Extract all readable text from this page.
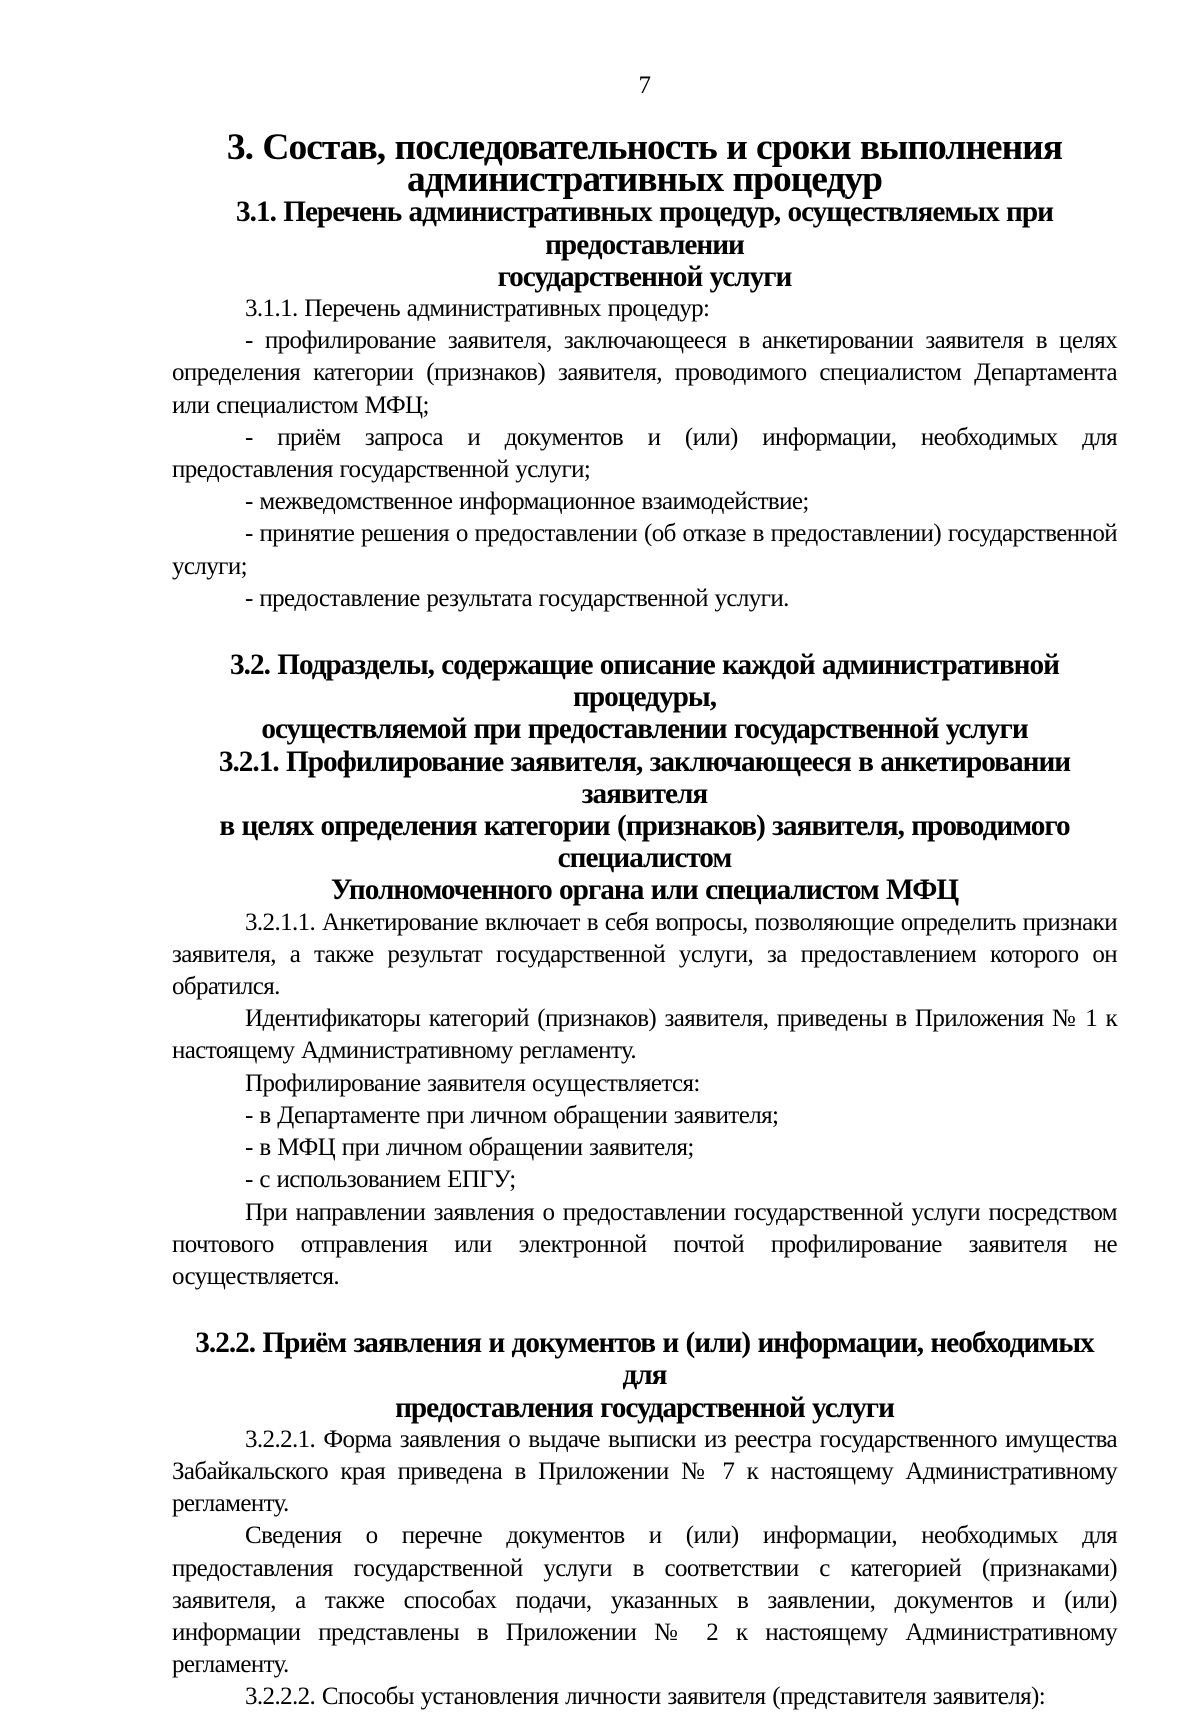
7

3. Состав, последовательность и сроки выполнения
административных процедур
3.1. Перечень административных процедур, осуществляемых при предоставлении
государственной услуги

3.1.1. Перечень административных процедур:

- профилирование заявителя, заключающееся в анкетировании заявителя в целях определения категории (признаков) заявителя, проводимого специалистом Департамента или специалистом МФЦ;

- приём запроса и документов и (или) информации, необходимых для предоставления государственной услуги;

- межведомственное информационное взаимодействие;

- принятие решения о предоставлении (об отказе в предоставлении) государственной услуги;

- предоставление результата государственной услуги.

3.2. Подразделы, содержащие описание каждой административной процедуры,
осуществляемой при предоставлении государственной услуги
3.2.1. Профилирование заявителя, заключающееся в анкетировании заявителя
в целях определения категории (признаков) заявителя, проводимого специалистом
Уполномоченного органа или специалистом МФЦ

3.2.1.1. Анкетирование включает в себя вопросы, позволяющие определить признаки заявителя, а также результат государственной услуги, за предоставлением которого он обратился.

Идентификаторы категорий (признаков) заявителя, приведены в Приложения № 1 к настоящему Административному регламенту.

Профилирование заявителя осуществляется:

- в Департаменте при личном обращении заявителя;

- в МФЦ при личном обращении заявителя;

- с использованием ЕПГУ;

При направлении заявления о предоставлении государственной услуги посредством почтового отправления или электронной почтой профилирование заявителя не осуществляется.

3.2.2. Приём заявления и документов и (или) информации, необходимых для
предоставления государственной услуги

3.2.2.1. Форма заявления о выдаче выписки из реестра государственного имущества Забайкальского края приведена в Приложении № 7 к настоящему Административному регламенту.

Сведения о перечне документов и (или) информации, необходимых для предоставления государственной услуги в соответствии с категорией (признаками) заявителя, а также способах подачи, указанных в заявлении, документов и (или) информации представлены в Приложении № 2 к настоящему Административному регламенту.

3.2.2.2. Способы установления личности заявителя (представителя заявителя):
